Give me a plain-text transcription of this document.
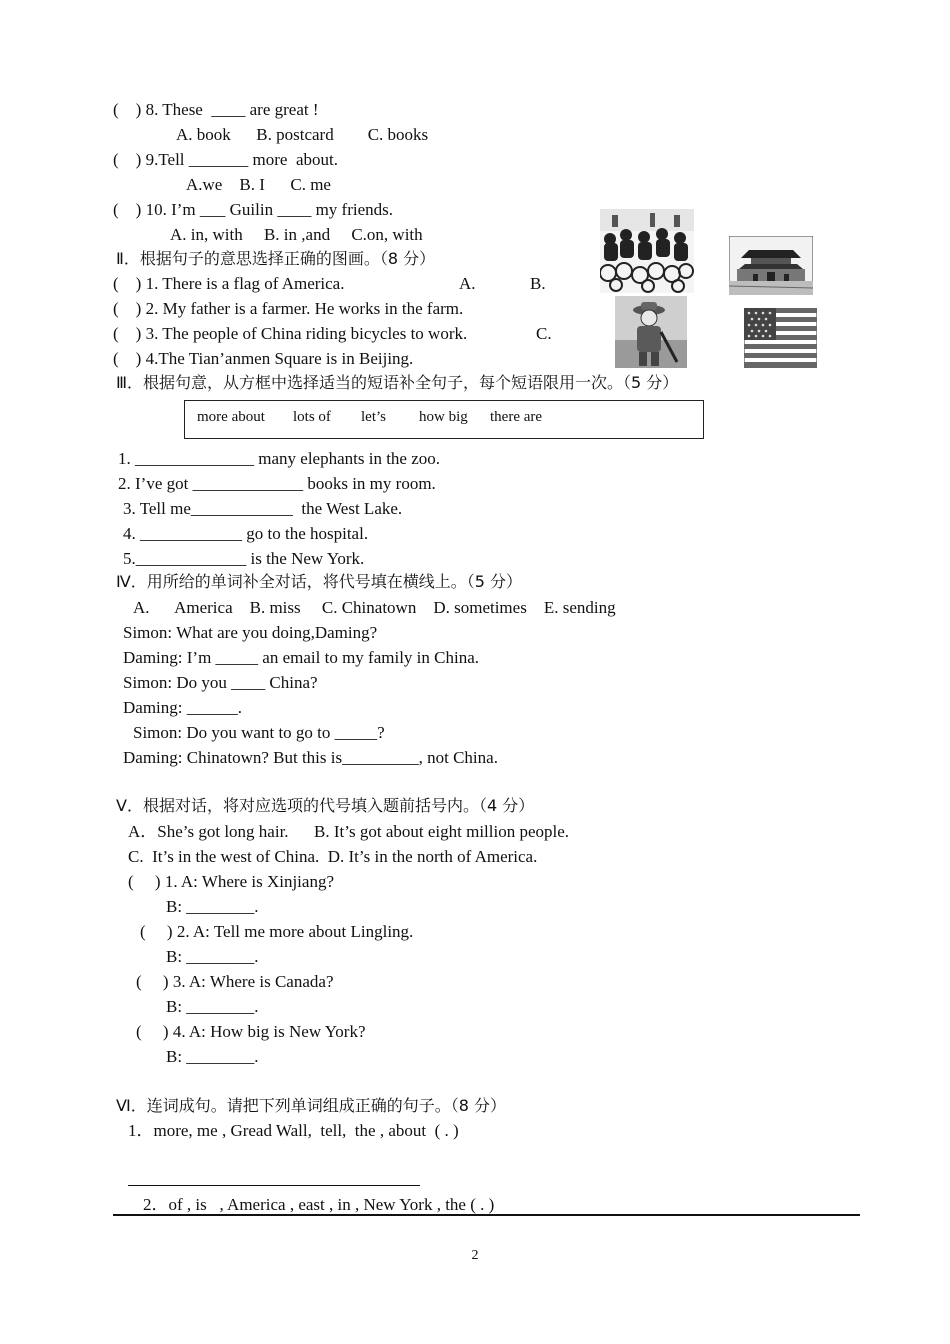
(    ) 8. These  ____ are great !
A. book      B. postcard        C. books
(    ) 9.Tell _______ more  about.
A.we    B. I      C. me
(    ) 10. I’m ___ Guilin ____ my friends.
A. in, with     B. in ,and     C.on, with
Ⅱ．根据句子的意思选择正确的图画。（8 分）
(    ) 1. There is a flag of America.	A.	B.
(    ) 2. My father is a farmer. He works in the farm.
(    ) 3. The people of China riding bicycles to work.	C.
(    ) 4.The Tian’anmen Square is in Beijing.
Ⅲ．根据句意，从方框中选择适当的短语补全句子，每个短语限用一次。（5 分）
more about lots of let’s how big there are
1. ______________ many elephants in the zoo.
2. I’ve got _____________ books in my room.
3. Tell me____________  the West Lake.
4. ____________ go to the hospital.
5._____________ is the New York.
Ⅳ．用所给的单词补全对话，将代号填在横线上。（5 分）
A.      America    B. miss     C. Chinatown    D. sometimes    E. sending
Simon: What are you doing,Daming?
Daming: I’m _____ an email to my family in China.
Simon: Do you ____ China?
Daming: ______.
Simon: Do you want to go to _____?
Daming: Chinatown? But this is_________, not China.
Ⅴ．根据对话，将对应选项的代号填入题前括号内。（4 分）
A．She’s got long hair.      B. It’s got about eight million people.
C.  It’s in the west of China.  D. It’s in the north of America.
(     ) 1. A: Where is Xinjiang?
B: ________.
(     ) 2. A: Tell me more about Lingling.
B: ________.
(     ) 3. A: Where is Canada?
B: ________.
(     ) 4. A: How big is New York?
B: ________.
Ⅵ．连词成句。请把下列单词组成正确的句子。（8 分）
1．more, me , Gread Wall,  tell,  the , about  ( . )
2．of , is   , America , east , in , New York , the ( . )
2
